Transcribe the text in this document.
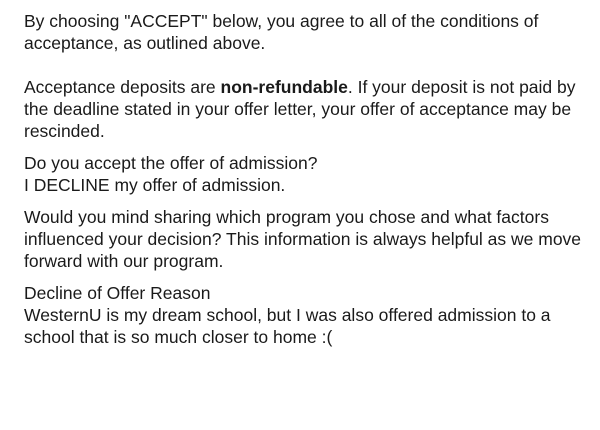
By choosing "ACCEPT" below, you agree to all of the conditions of acceptance, as outlined above.

Acceptance deposits are non-refundable. If your deposit is not paid by the deadline stated in your offer letter, your offer of acceptance may be rescinded.

Do you accept the offer of admission?
I DECLINE my offer of admission.

Would you mind sharing which program you chose and what factors influenced your decision? This information is always helpful as we move forward with our program.

Decline of Offer Reason
WesternU is my dream school, but I was also offered admission to a school that is so much closer to home :(
